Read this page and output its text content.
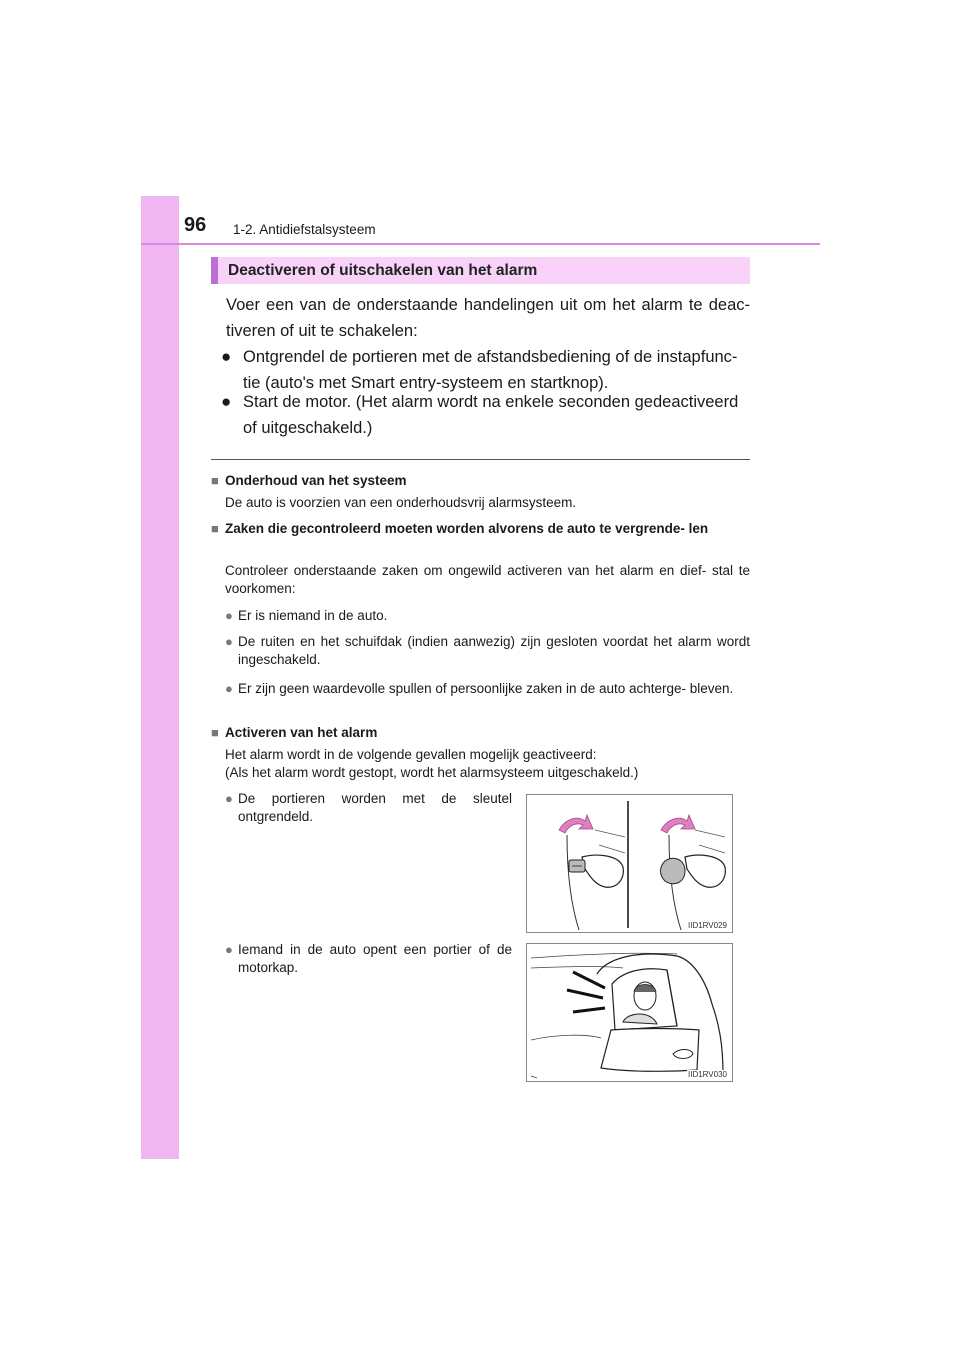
96 1-2. Antidiefstalsysteem
Deactiveren of uitschakelen van het alarm
Voer een van de onderstaande handelingen uit om het alarm te deac- tiveren of uit te schakelen:
● Ontgrendel de portieren met de afstandsbediening of de instapfunc- tie (auto's met Smart entry-systeem en startknop).
● Start de motor. (Het alarm wordt na enkele seconden gedeactiveerd of uitgeschakeld.)
■ Onderhoud van het systeem
De auto is voorzien van een onderhoudsvrij alarmsysteem.
■ Zaken die gecontroleerd moeten worden alvorens de auto te vergrende- len
Controleer onderstaande zaken om ongewild activeren van het alarm en dief- stal te voorkomen:
● Er is niemand in de auto.
● De ruiten en het schuifdak (indien aanwezig) zijn gesloten voordat het alarm wordt ingeschakeld.
● Er zijn geen waardevolle spullen of persoonlijke zaken in de auto achterge- bleven.
■ Activeren van het alarm
Het alarm wordt in de volgende gevallen mogelijk geactiveerd:
(Als het alarm wordt gestopt, wordt het alarmsysteem uitgeschakeld.)
● De portieren worden met de sleutel ontgrendeld.
● Iemand in de auto opent een portier of de motorkap.
IID1RV029
IID1RV030
